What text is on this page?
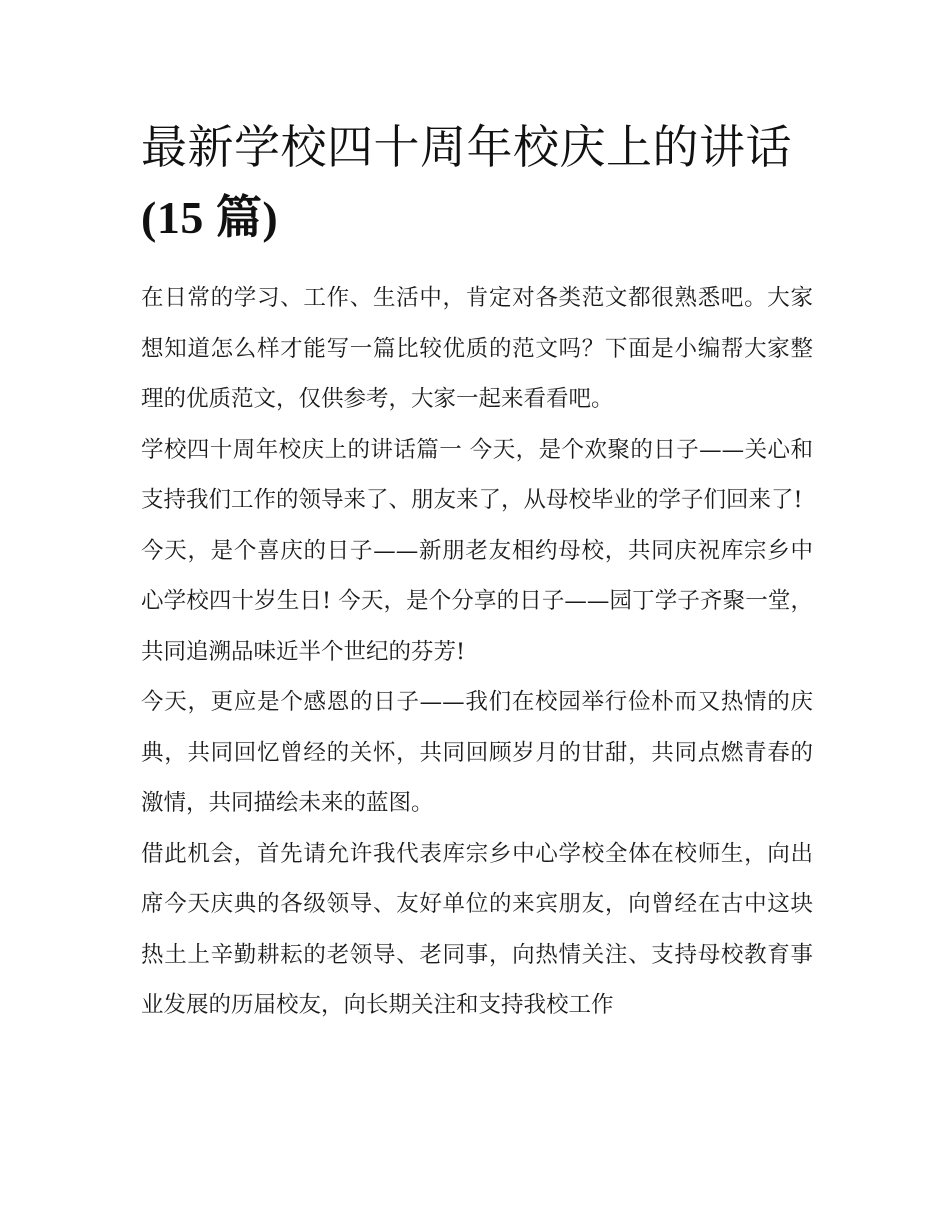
最新学校四十周年校庆上的讲话(15 篇)

在日常的学习、工作、生活中，肯定对各类范文都很熟悉吧。大家想知道怎么样才能写一篇比较优质的范文吗？下面是小编帮大家整理的优质范文，仅供参考，大家一起来看看吧。

学校四十周年校庆上的讲话篇一 今天，是个欢聚的日子——关心和支持我们工作的领导来了、朋友来了，从母校毕业的学子们回来了!

今天，是个喜庆的日子——新朋老友相约母校，共同庆祝库宗乡中心学校四十岁生日! 今天，是个分享的日子——园丁学子齐聚一堂，共同追溯品味近半个世纪的芬芳!

今天，更应是个感恩的日子——我们在校园举行俭朴而又热情的庆典，共同回忆曾经的关怀，共同回顾岁月的甘甜，共同点燃青春的激情，共同描绘未来的蓝图。

借此机会，首先请允许我代表库宗乡中心学校全体在校师生，向出席今天庆典的各级领导、友好单位的来宾朋友，向曾经在古中这块热土上辛勤耕耘的老领导、老同事，向热情关注、支持母校教育事业发展的历届校友，向长期关注和支持我校工作
